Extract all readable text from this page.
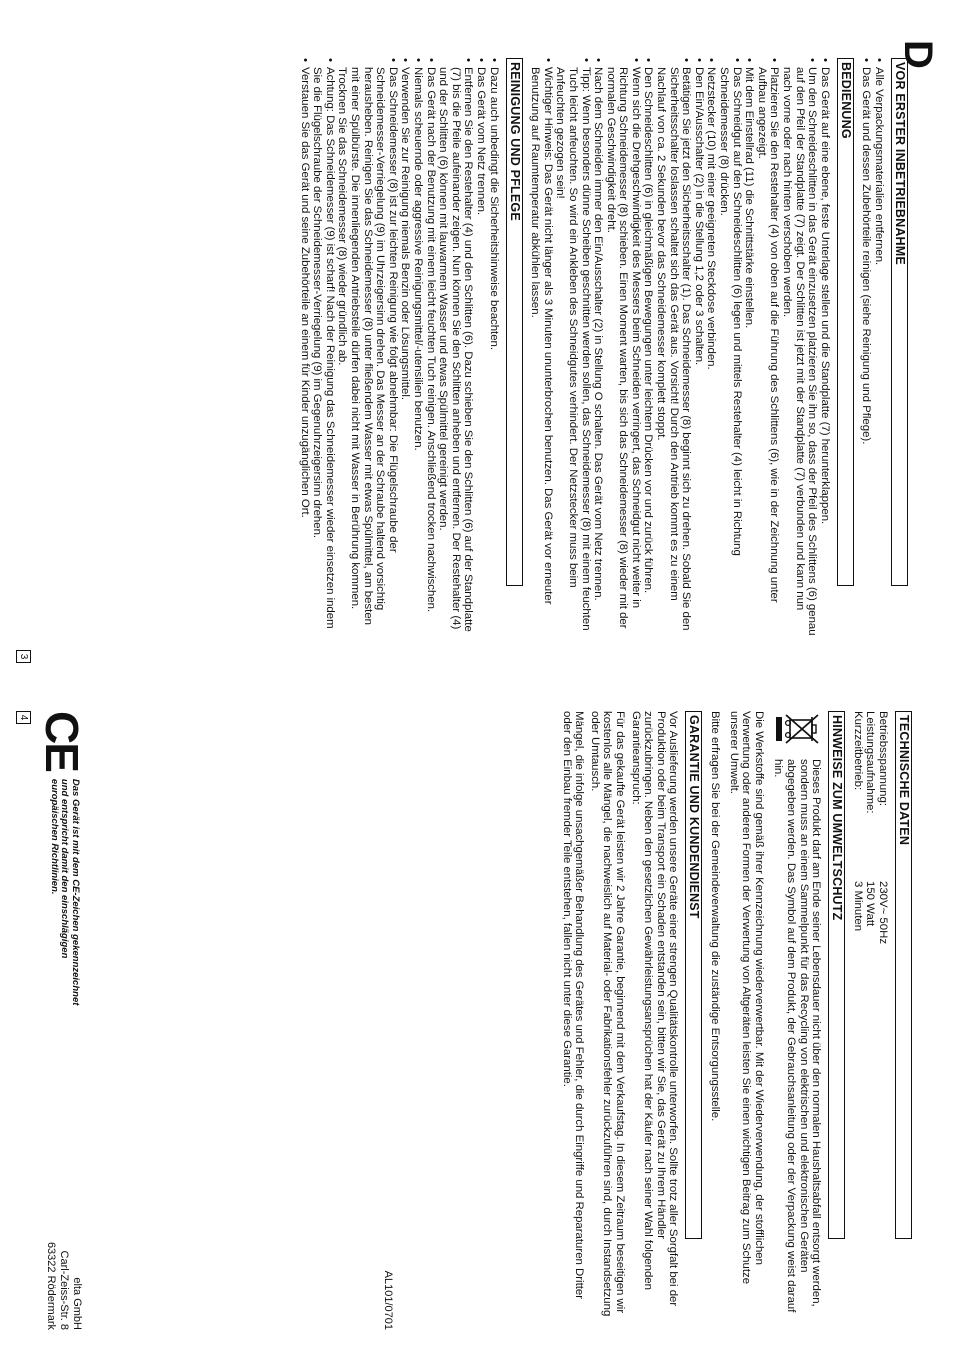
D
VOR ERSTER INBETRIEBNAHME
• Alle Verpackungsmaterialien entfernen.
• Das Gerät und dessen Zubehörteile reinigen (siehe Reinigung und Pflege).
BEDIENUNG
• Das Gerät auf eine ebene, feste Unterlage stellen und die Standplatte (7) herunterklappen.
• Um den Schneideschlitten in das Gerät einzusetzen platzieren Sie ihn so, dass der Pfeil des Schlittens (6) genau auf den Pfeil der Standplatte (7) zeigt. Der Schlitten ist jetzt mit der Standplatte (7) verbunden und kann nun nach vorne oder nach hinten verschoben werden.
• Platzieren Sie den Restehalter (4) von oben auf die Führung des Schlittens (6), wie in der Zeichnung unter Aufbau angezeigt.
• Mit dem Einstellrad (11) die Schnittstärke einstellen.
• Das Schneidgut auf den Schneideschlitten (6) legen und mittels Restehalter (4) leicht in Richtung Schneidemesser (8) drücken.
• Netzstecker (10) mit einer geeigneten Steckdose verbinden.
• Den Ein/Ausschalter (2) in die Stellung 1,2 oder 3 schalten.
• Betätigen Sie jetzt den Sicherheitsschalter (1). Das Schneidemesser (8) beginnt sich zu drehen. Sobald Sie den Sicherheitsschalter loslassen schaltet sich das Gerät aus. Vorsicht! Durch den Antrieb kommt es zu einem Nachlauf von ca. 2 Sekunden bevor das Schneidemesser komplett stoppt.
• Den Schneideschlitten (6) in gleichmäßigen Bewegungen unter leichtem Drücken vor und zurück führen.
• Wenn sich die Drehgeschwindigkeit des Messers beim Schneiden verringert, das Schneidgut nicht weiter in Richtung Schneidemesser (8) schieben. Einen Moment warten, bis sich das Schneidemesser (8) wieder mit der normalen Geschwindigkeit dreht.
• Nach dem Schneiden immer den Ein/Ausschalter (2) in Stellung O schalten. Das Gerät vom Netz trennen.
• Tipp: Wenn besonders dünne Scheiben geschnitten werden sollen, das Schneidemesser (8) mit einem feuchten Tuch leicht anfeuchten. So wird ein Ankleben des Schneidgutes verhindert. Der Netzstecker muss beim Anfeuchten gezogen sein!
• Wichtiger Hinweis: Das Gerät nicht länger als 3 Minuten ununterbrochen benutzen. Das Gerät vor erneuter Benutzung auf Raumtemperatur abkühlen lassen.
REINIGUNG UND PFLEGE
• Dazu auch unbedingt die Sicherheitshinweise beachten.
• Das Gerät vom Netz trennen.
• Entfernen Sie den Restehalter (4) und den Schlitten (6). Dazu schieben Sie den Schlitten (6) auf der Standplatte (7) bis die Pfeile aufeinander zeigen. Nun können Sie den Schlitten anheben und entfernen. Der Restehalter (4) und der Schlitten (6) können mit lauwarmem Wasser und etwas Spülmittel gereinigt werden.
• Das Gerät nach der Benutzung mit einem leicht feuchten Tuch reinigen. Anschließend trocken nachwischen.
• Niemals scheuernde oder aggressive Reinigungsmittel/-utensilien benutzen.
• Verwenden Sie zur Reinigung niemals Benzin oder Lösungsmittel.
• Das Schneidemesser (8) ist zur leichten Reinigung wie folgt abnehmbar: Die Flügelschraube der Schneidemesser-Verriegelung (9) im Uhrzeigersinn drehen. Das Messer an der Schraube haltend vorsichtig herausheben. Reinigen Sie das Schneidemesser (8) unter fließendem Wasser mit etwas Spülmittel, am besten mit einer Spülbürste. Die innenliegenden Antriebsteile dürfen dabei nicht mit Wasser in Berührung kommen. Trocknen Sie das Schneidemesser (8) wieder gründlich ab.
• Achtung: Das Schneidemesser (9) ist scharf! Nach der Reinigung das Schneidemesser wieder einsetzen indem Sie die Flügelschraube der Schneidemesser-Verriegelung (9) im Gegenuhrzeigersinn drehen.
• Verstauen Sie das Gerät und seine Zubehörteile an einem für Kinder unzugänglichen Ort.
3
TECHNISCHE DATEN
Betriebsspannung:
230V~ 50Hz
Leistungsaufnahme:
150 Watt
Kurzzeitbetrieb:
3 Minuten
HINWEISE ZUM UMWELTSCHUTZ

Dieses Produkt darf am Ende seiner Lebensdauer nicht über den normalen Haushaltsabfall entsorgt werden, sondern muss an einem Sammelpunkt für das Recycling von elektrischen und elektronischen Geräten abgegeben werden. Das Symbol auf dem Produkt, der Gebrauchsanleitung oder der Verpackung weist darauf hin.

Die Werkstoffe sind gemäß ihrer Kennzeichnung wiederverwertbar. Mit der Wiederverwendung, der stofflichen Verwertung oder anderen Formen der Verwertung von Altgeräten leisten Sie einen wichtigen Beitrag zum Schutze unserer Umwelt.

Bitte erfragen Sie bei der Gemeindeverwaltung die zuständige Entsorgungsstelle.

GARANTIE UND KUNDENDIENST

Vor Auslieferung werden unsere Geräte einer strengen Qualitätskontrolle unterworfen. Sollte trotz aller Sorgfalt bei der Produktion oder beim Transport ein Schaden entstanden sein, bitten wir Sie, das Gerät zu Ihrem Händler zurückzubringen. Neben den gesetzlichen Gewährleistungsansprüchen hat der Käufer nach seiner Wahl folgenden Garantieanspruch:

Für das gekaufte Gerät leisten wir 2 Jahre Garantie, beginnend mit dem Verkaufstag. In diesem Zeitraum beseitigen wir kostenlos alle Mängel, die nachweislich auf Material- oder Fabrikationsfehler zurückzuführen sind, durch Instandsetzung oder Umtausch.

Mängel, die infolge unsachgemäßer Behandlung des Gerätes und Fehler, die durch Eingriffe und Reparaturen Dritter oder den Einbau fremder Teile entstehen, fallen nicht unter diese Garantie.

AL101/0701
CE
Das Gerät ist mit dem CE-Zeichen gekennzeichnet und entspricht damit den einschlägigen europäischen Richtlinien.
elta GmbH
Carl-Zeiss-Str. 8
63322 Rödermark
4
